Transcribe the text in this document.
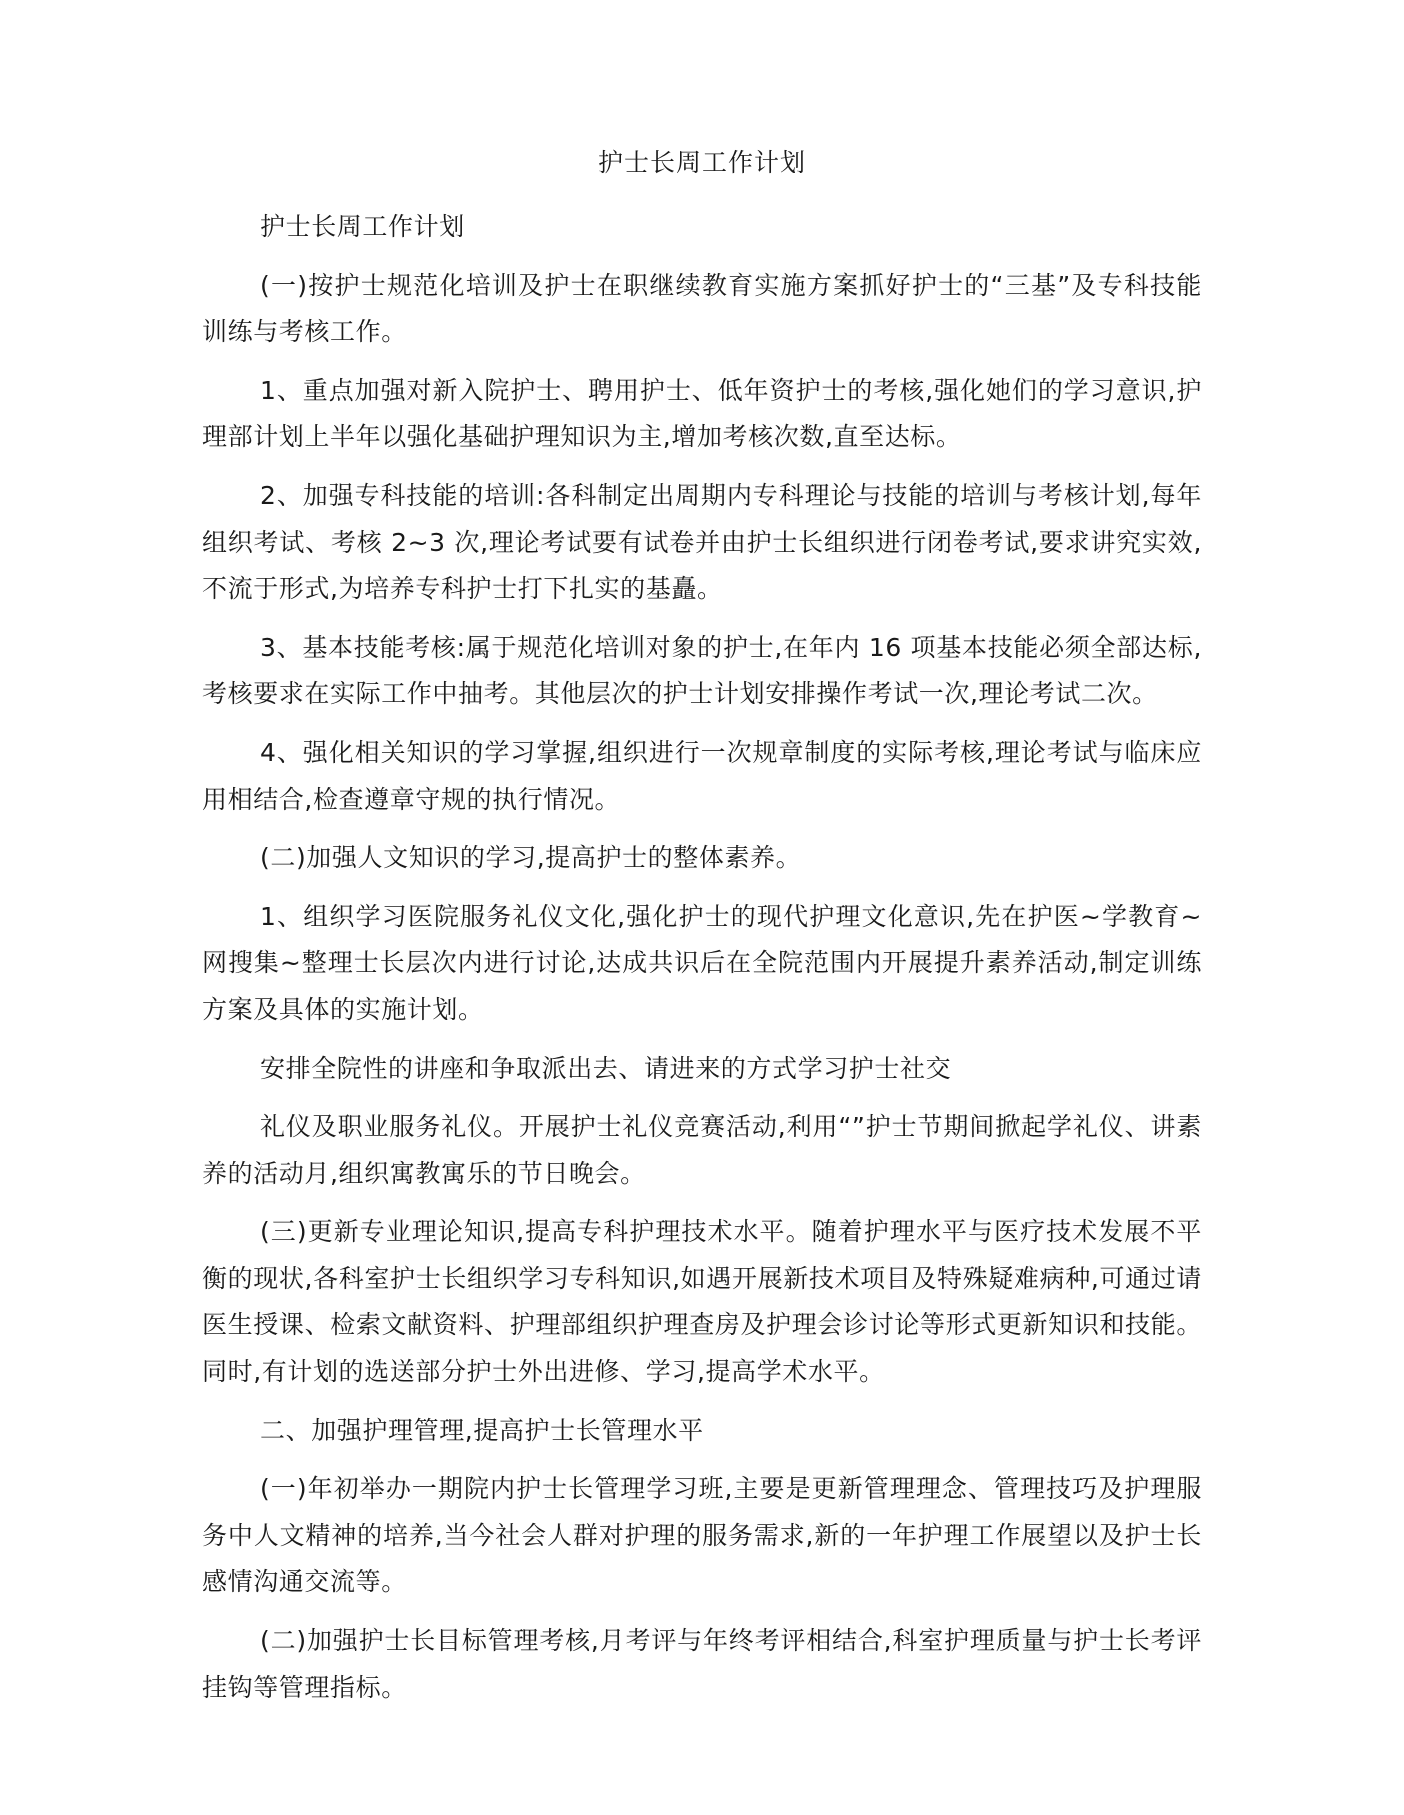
护士长周工作计划

护士长周工作计划

(一)按护士规范化培训及护士在职继续教育实施方案抓好护士的“三基”及专科技能训练与考核工作。

1、重点加强对新入院护士、聘用护士、低年资护士的考核,强化她们的学习意识,护理部计划上半年以强化基础护理知识为主,增加考核次数,直至达标。

2、加强专科技能的培训:各科制定出周期内专科理论与技能的培训与考核计划,每年组织考试、考核 2~3 次,理论考试要有试卷并由护士长组织进行闭卷考试,要求讲究实效,不流于形式,为培养专科护士打下扎实的基矗。

3、基本技能考核:属于规范化培训对象的护士,在年内 16 项基本技能必须全部达标,考核要求在实际工作中抽考。其他层次的护士计划安排操作考试一次,理论考试二次。

4、强化相关知识的学习掌握,组织进行一次规章制度的实际考核,理论考试与临床应用相结合,检查遵章守规的执行情况。

(二)加强人文知识的学习,提高护士的整体素养。

1、组织学习医院服务礼仪文化,强化护士的现代护理文化意识,先在护医~学教育~网搜集~整理士长层次内进行讨论,达成共识后在全院范围内开展提升素养活动,制定训练方案及具体的实施计划。

安排全院性的讲座和争取派出去、请进来的方式学习护士社交

礼仪及职业服务礼仪。开展护士礼仪竞赛活动,利用“”护士节期间掀起学礼仪、讲素养的活动月,组织寓教寓乐的节日晚会。

(三)更新专业理论知识,提高专科护理技术水平。随着护理水平与医疗技术发展不平衡的现状,各科室护士长组织学习专科知识,如遇开展新技术项目及特殊疑难病种,可通过请医生授课、检索文献资料、护理部组织护理查房及护理会诊讨论等形式更新知识和技能。同时,有计划的选送部分护士外出进修、学习,提高学术水平。

二、加强护理管理,提高护士长管理水平

(一)年初举办一期院内护士长管理学习班,主要是更新管理理念、管理技巧及护理服务中人文精神的培养,当今社会人群对护理的服务需求,新的一年护理工作展望以及护士长感情沟通交流等。

(二)加强护士长目标管理考核,月考评与年终考评相结合,科室护理质量与护士长考评挂钩等管理指标。
